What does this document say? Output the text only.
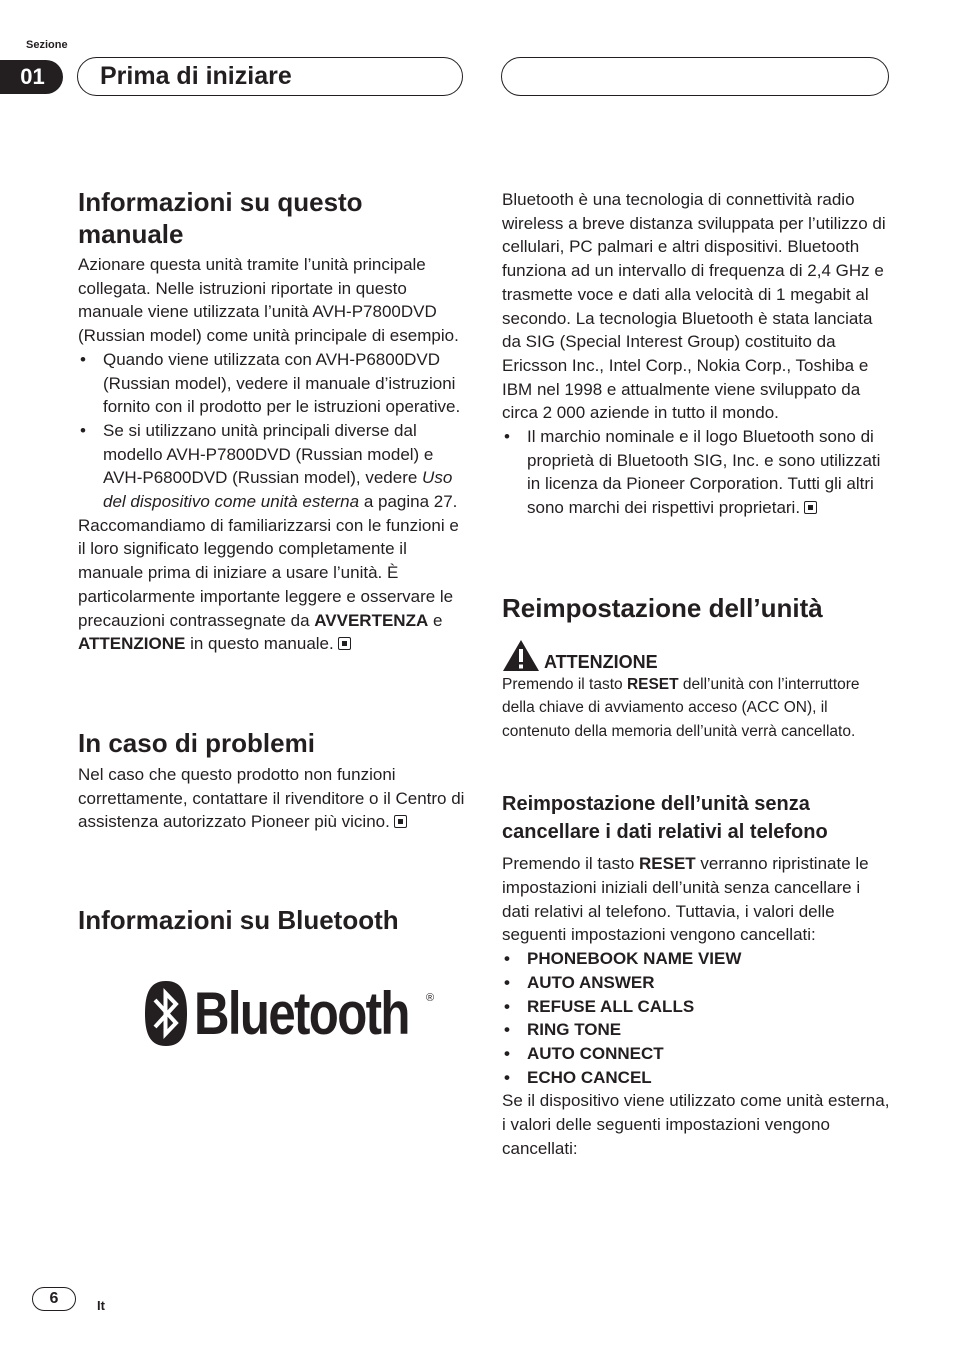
Sezione
01	Prima di iniziare
Informazioni su questo manuale

Azionare questa unità tramite l’unità principale collegata. Nelle istruzioni riportate in questo manuale viene utilizzata l’unità AVH-P7800DVD (Russian model) come unità principale di esempio.

• Quando viene utilizzata con AVH-P6800DVD (Russian model), vedere il manuale d’istruzioni fornito con il prodotto per le istruzioni operative.
• Se si utilizzano unità principali diverse dal modello AVH-P7800DVD (Russian model) e AVH-P6800DVD (Russian model), vedere Uso del dispositivo come unità esterna a pagina 27.

Raccomandiamo di familiarizzarsi con le funzioni e il loro significato leggendo completamente il manuale prima di iniziare a usare l’unità. È particolarmente importante leggere e osservare le precauzioni contrassegnate da AVVERTENZA e ATTENZIONE in questo manuale.

In caso di problemi

Nel caso che questo prodotto non funzioni correttamente, contattare il rivenditore o il Centro di assistenza autorizzato Pioneer più vicino.

Informazioni su Bluetooth
Bluetooth ®

Bluetooth è una tecnologia di connettività radio wireless a breve distanza sviluppata per l’utilizzo di cellulari, PC palmari e altri dispositivi. Bluetooth funziona ad un intervallo di frequenza di 2,4 GHz e trasmette voce e dati alla velocità di 1 megabit al secondo. La tecnologia Bluetooth è stata lanciata da SIG (Special Interest Group) costituito da Ericsson Inc., Intel Corp., Nokia Corp., Toshiba e IBM nel 1998 e attualmente viene sviluppato da circa 2 000 aziende in tutto il mondo.

• Il marchio nominale e il logo Bluetooth sono di proprietà di Bluetooth SIG, Inc. e sono utilizzati in licenza da Pioneer Corporation. Tutti gli altri sono marchi dei rispettivi proprietari.
Reimpostazione dell’unità
ATTENZIONE

Premendo il tasto RESET dell’unità con l’interruttore della chiave di avviamento acceso (ACC ON), il contenuto della memoria dell’unità verrà cancellato.

Reimpostazione dell’unità senza cancellare i dati relativi al telefono

Premendo il tasto RESET verranno ripristinate le impostazioni iniziali dell’unità senza cancellare i dati relativi al telefono. Tuttavia, i valori delle seguenti impostazioni vengono cancellati:

• PHONEBOOK NAME VIEW
• AUTO ANSWER
• REFUSE ALL CALLS
• RING TONE
• AUTO CONNECT
• ECHO CANCEL

Se il dispositivo viene utilizzato come unità esterna, i valori delle seguenti impostazioni vengono cancellati:

6	It
